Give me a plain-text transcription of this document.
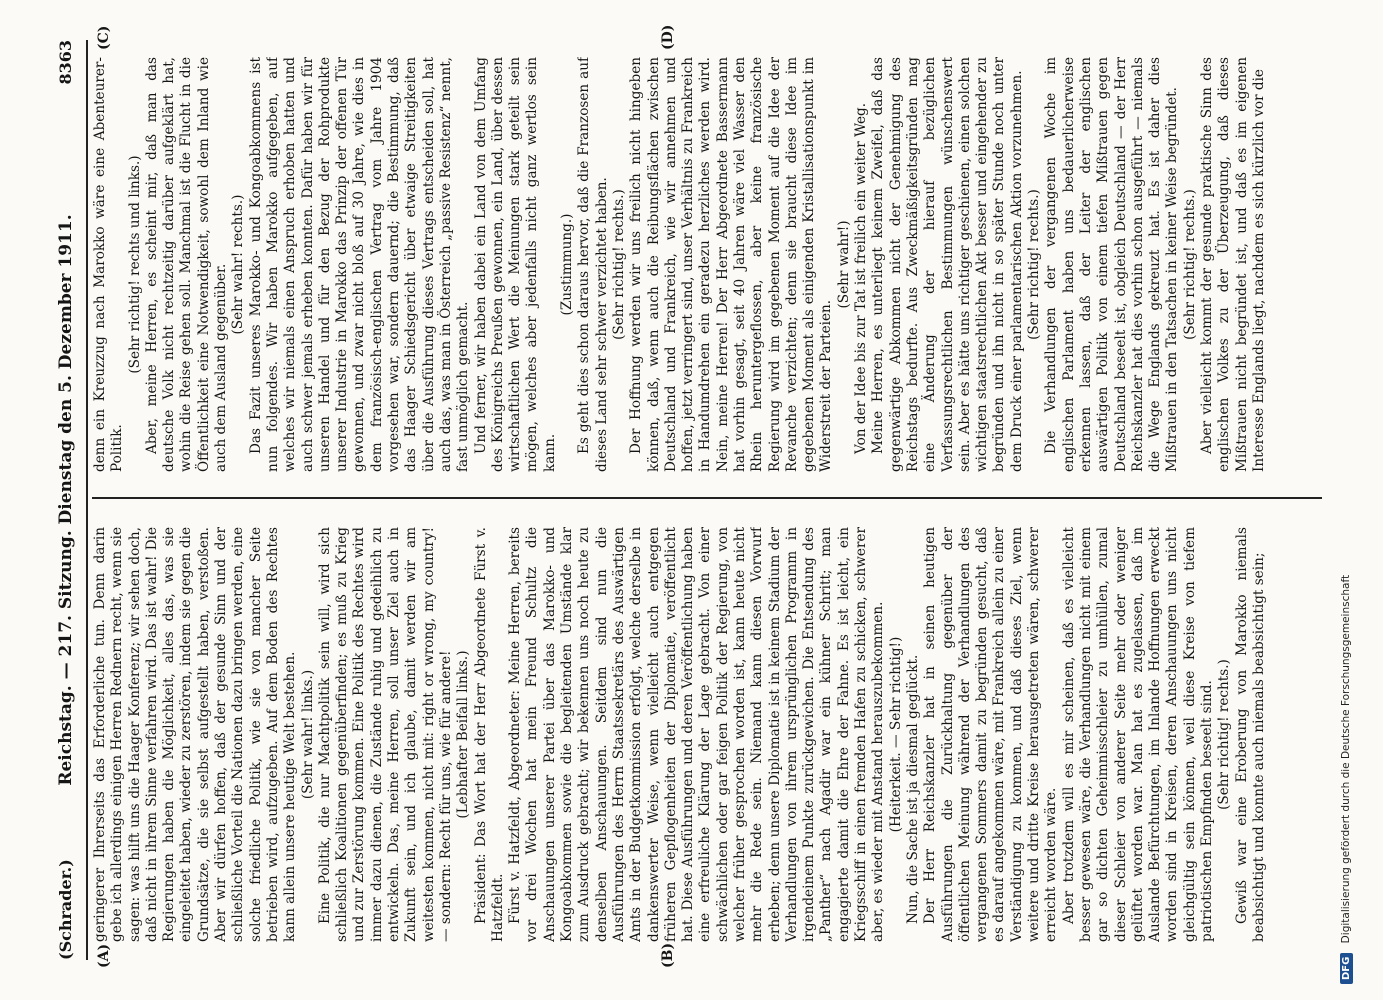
(Schrader.)
Reichstag. — 217. Sitzung. Dienstag den 5. Dezember 1911.
8363
(A)	(B)
(C)	(D)

geringerer Ihrerseits das Erforderliche tun. Denn darin gebe ich allerdings einigen Herren Rednern recht, wenn sie sagen: was hilft uns die Haager Konferenz; wir sehen doch, daß nicht in ihrem Sinne verfahren wird. Das ist wahr! Die Regierungen haben die Möglichkeit, alles das, was sie eingeleitet haben, wieder zu zerstören, indem sie gegen die Grundsätze, die sie selbst aufgestellt haben, verstoßen. Aber wir dürfen hoffen, daß der gesunde Sinn und der schließliche Vorteil die Nationen dazu bringen werden, eine solche friedliche Politik, wie sie von mancher Seite betrieben wird, aufzugeben. Auf dem Boden des Rechtes kann allein unsere heutige Welt bestehen. (Sehr wahr! links.) Eine Politik, die nur Machtpolitik sein will, wird sich schließlich Koalitionen gegenüberfinden; es muß zu Krieg und zur Zerstörung kommen. Eine Politik des Rechtes wird immer dazu dienen, die Zustände ruhig und gedeihlich zu entwickeln. Das, meine Herren, soll unser Ziel auch in Zukunft sein, und ich glaube, damit werden wir am weitesten kommen, nicht mit: right or wrong, my country! — sondern: Recht für uns, wie für andere! (Lebhafter Beifall links.) Präsident: Das Wort hat der Herr Abgeordnete Fürst v. Hatzfeldt. Fürst v. Hatzfeldt, Abgeordneter: Meine Herren, bereits vor drei Wochen hat mein Freund Schultz die Anschauungen unserer Partei über das Marokko- und Kongoabkommen sowie die begleitenden Umstände klar zum Ausdruck gebracht; wir bekennen uns noch heute zu denselben Anschauungen. Seitdem sind nun die Ausführungen des Herrn Staatssekretärs des Auswärtigen Amts in der Budgetkommission erfolgt, welche derselbe in dankenswerter Weise, wenn vielleicht auch entgegen früheren Gepflogenheiten der Diplomatie, veröffentlicht hat. Diese Ausführungen und deren Veröffentlichung haben eine erfreuliche Klärung der Lage gebracht. Von einer schwächlichen oder gar feigen Politik der Regierung, von welcher früher gesprochen worden ist, kann heute nicht mehr die Rede sein. Niemand kann diesen Vorwurf erheben; denn unsere Diplomatie ist in keinem Stadium der Verhandlungen von ihrem ursprünglichen Programm in irgendeinem Punkte zurückgewichen. Die Entsendung des „Panther“ nach Agadir war ein kühner Schritt; man engagierte damit die Ehre der Fahne. Es ist leicht, ein Kriegsschiff in einen fremden Hafen zu schicken, schwerer aber, es wieder mit Anstand herauszubekommen. (Heiterkeit. — Sehr richtig!) Nun, die Sache ist ja diesmal geglückt. Der Herr Reichskanzler hat in seinen heutigen Ausführungen die Zurückhaltung gegenüber der öffentlichen Meinung während der Verhandlungen des vergangenen Sommers damit zu begründen gesucht, daß es darauf angekommen wäre, mit Frankreich allein zu einer Verständigung zu kommen, und daß dieses Ziel, wenn weitere und dritte Kreise herausgetreten wären, schwerer erreicht worden wäre. Aber trotzdem will es mir scheinen, daß es vielleicht besser gewesen wäre, die Verhandlungen nicht mit einem gar so dichten Geheimnisschleier zu umhüllen, zumal dieser Schleier von anderer Seite mehr oder weniger gelüftet worden war. Man hat es zugelassen, daß im Auslande Befürchtungen, im Inlande Hoffnungen erweckt worden sind in Kreisen, deren Anschauungen uns nicht gleichgültig sein können, weil diese Kreise von tiefem patriotischen Empfinden beseelt sind. (Sehr richtig! rechts.) Gewiß war eine Eroberung von Marokko niemals beabsichtigt und konnte auch niemals beabsichtigt sein;

denn ein Kreuzzug nach Marokko wäre eine Abenteurer-Politik.

(Sehr richtig! rechts und links.) Aber, meine Herren, es scheint mir, daß man das deutsche Volk nicht rechtzeitig darüber aufgeklärt hat, wohin die Reise gehen soll. Manchmal ist die Flucht in die Öffentlichkeit eine Notwendigkeit, sowohl dem Inland wie auch dem Ausland gegenüber. (Sehr wahr! rechts.) Das Fazit unseres Marokko- und Kongoabkommens ist nun folgendes. Wir haben Marokko aufgegeben, auf welches wir niemals einen Anspruch erhoben hatten und auch schwer jemals erheben konnten. Dafür haben wir für unseren Handel und für den Bezug der Rohprodukte unserer Industrie in Marokko das Prinzip der offenen Tür gewonnen, und zwar nicht bloß auf 30 Jahre, wie dies in dem französisch-englischen Vertrag vom Jahre 1904 vorgesehen war, sondern dauernd; die Bestimmung, daß das Haager Schiedsgericht über etwaige Streitigkeiten über die Ausführung dieses Vertrags entscheiden soll, hat auch das, was man in Österreich „passive Resistenz“ nennt, fast unmöglich gemacht. Und ferner, wir haben dabei ein Land von dem Umfang des Königreichs Preußen gewonnen, ein Land, über dessen wirtschaftlichen Wert die Meinungen stark geteilt sein mögen, welches aber jedenfalls nicht ganz wertlos sein kann.

(Zustimmung.) Es geht dies schon daraus hervor, daß die Franzosen auf dieses Land sehr schwer verzichtet haben. (Sehr richtig! rechts.) Der Hoffnung werden wir uns freilich nicht hingeben können, daß, wenn auch die Reibungsflächen zwischen Deutschland und Frankreich, wie wir annehmen und hoffen, jetzt verringert sind, unser Verhältnis zu Frankreich in Handumdrehen ein geradezu herzliches werden wird. Nein, meine Herren! Der Herr Abgeordnete Bassermann hat vorhin gesagt, seit 40 Jahren wäre viel Wasser den Rhein heruntergeflossen, aber keine französische Regierung wird im gegebenen Moment auf die Idee der Revanche verzichten; denn sie braucht diese Idee im gegebenen Moment als einigenden Kristallisationspunkt im Widerstreit der Parteien.

(Sehr wahr!) Von der Idee bis zur Tat ist freilich ein weiter Weg. Meine Herren, es unterliegt keinem Zweifel, daß das gegenwärtige Abkommen nicht der Genehmigung des Reichstags bedurfte. Aus Zweckmäßigkeitsgründen mag eine Änderung der hierauf bezüglichen Verfassungsrechtlichen Bestimmungen wünschenswert sein. Aber es hätte uns richtiger geschienen, einen solchen wichtigen staatsrechtlichen Akt besser und eingehender zu begründen und ihn nicht in so später Stunde noch unter dem Druck einer parlamentarischen Aktion vorzunehmen. (Sehr richtig! rechts.) Die Verhandlungen der vergangenen Woche im englischen Parlament haben uns bedauerlicherweise erkennen lassen, daß der Leiter der englischen auswärtigen Politik von einem tiefen Mißtrauen gegen Deutschland beseelt ist, obgleich Deutschland — der Herr Reichskanzler hat dies vorhin schon ausgeführt — niemals die Wege Englands gekreuzt hat. Es ist daher dies Mißtrauen in den Tatsachen in keiner Weise begründet. (Sehr richtig! rechts.) Aber vielleicht kommt der gesunde praktische Sinn des englischen Volkes zu der Überzeugung, daß dieses Mißtrauen nicht begründet ist, und daß es im eigenen Interesse Englands liegt, nachdem es sich kürzlich vor die

DFG Digitalisierung gefördert durch die Deutsche Forschungsgemeinschaft
